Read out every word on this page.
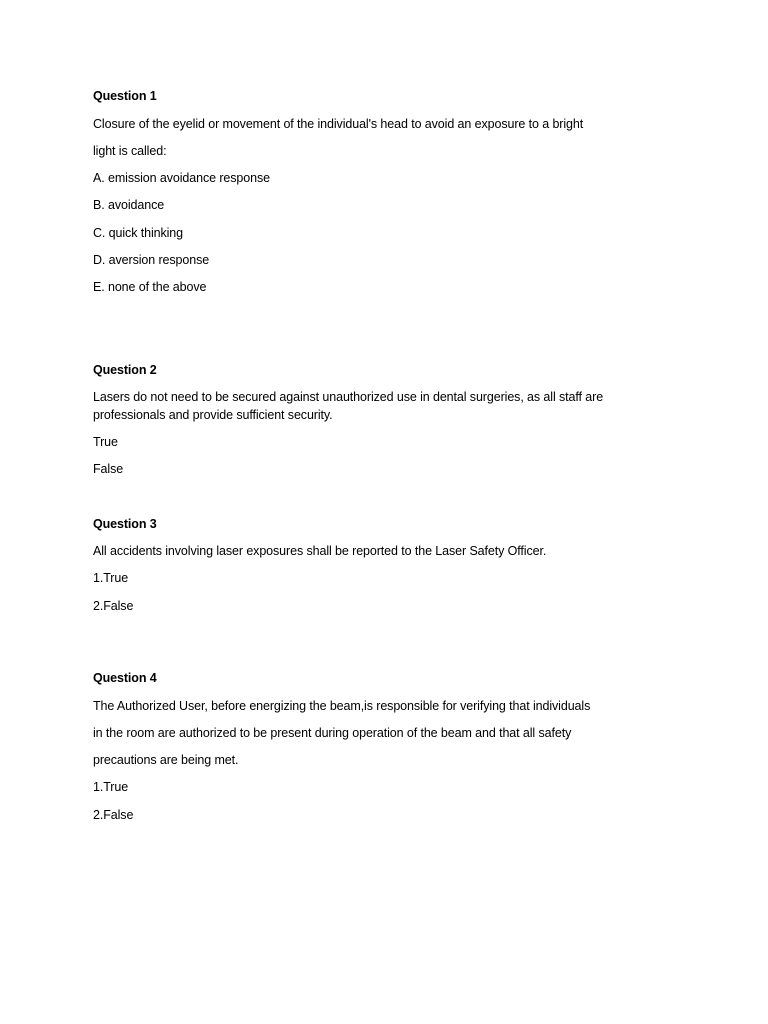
Question 1
Closure of the eyelid or movement of the individual's head to avoid an exposure to a bright
light is called:
A. emission avoidance response
B. avoidance
C. quick thinking
D. aversion response
E. none of the above
Question 2
Lasers do not need to be secured against unauthorized use in dental surgeries, as all staff are
professionals and provide sufficient security.
True
False
Question 3
All accidents involving laser exposures shall be reported to the Laser Safety Officer.
1.True
2.False
Question 4
The Authorized User, before energizing the beam,is responsible for verifying that individuals
in the room are authorized to be present during operation of the beam and that all safety
precautions are being met.
1.True
2.False
